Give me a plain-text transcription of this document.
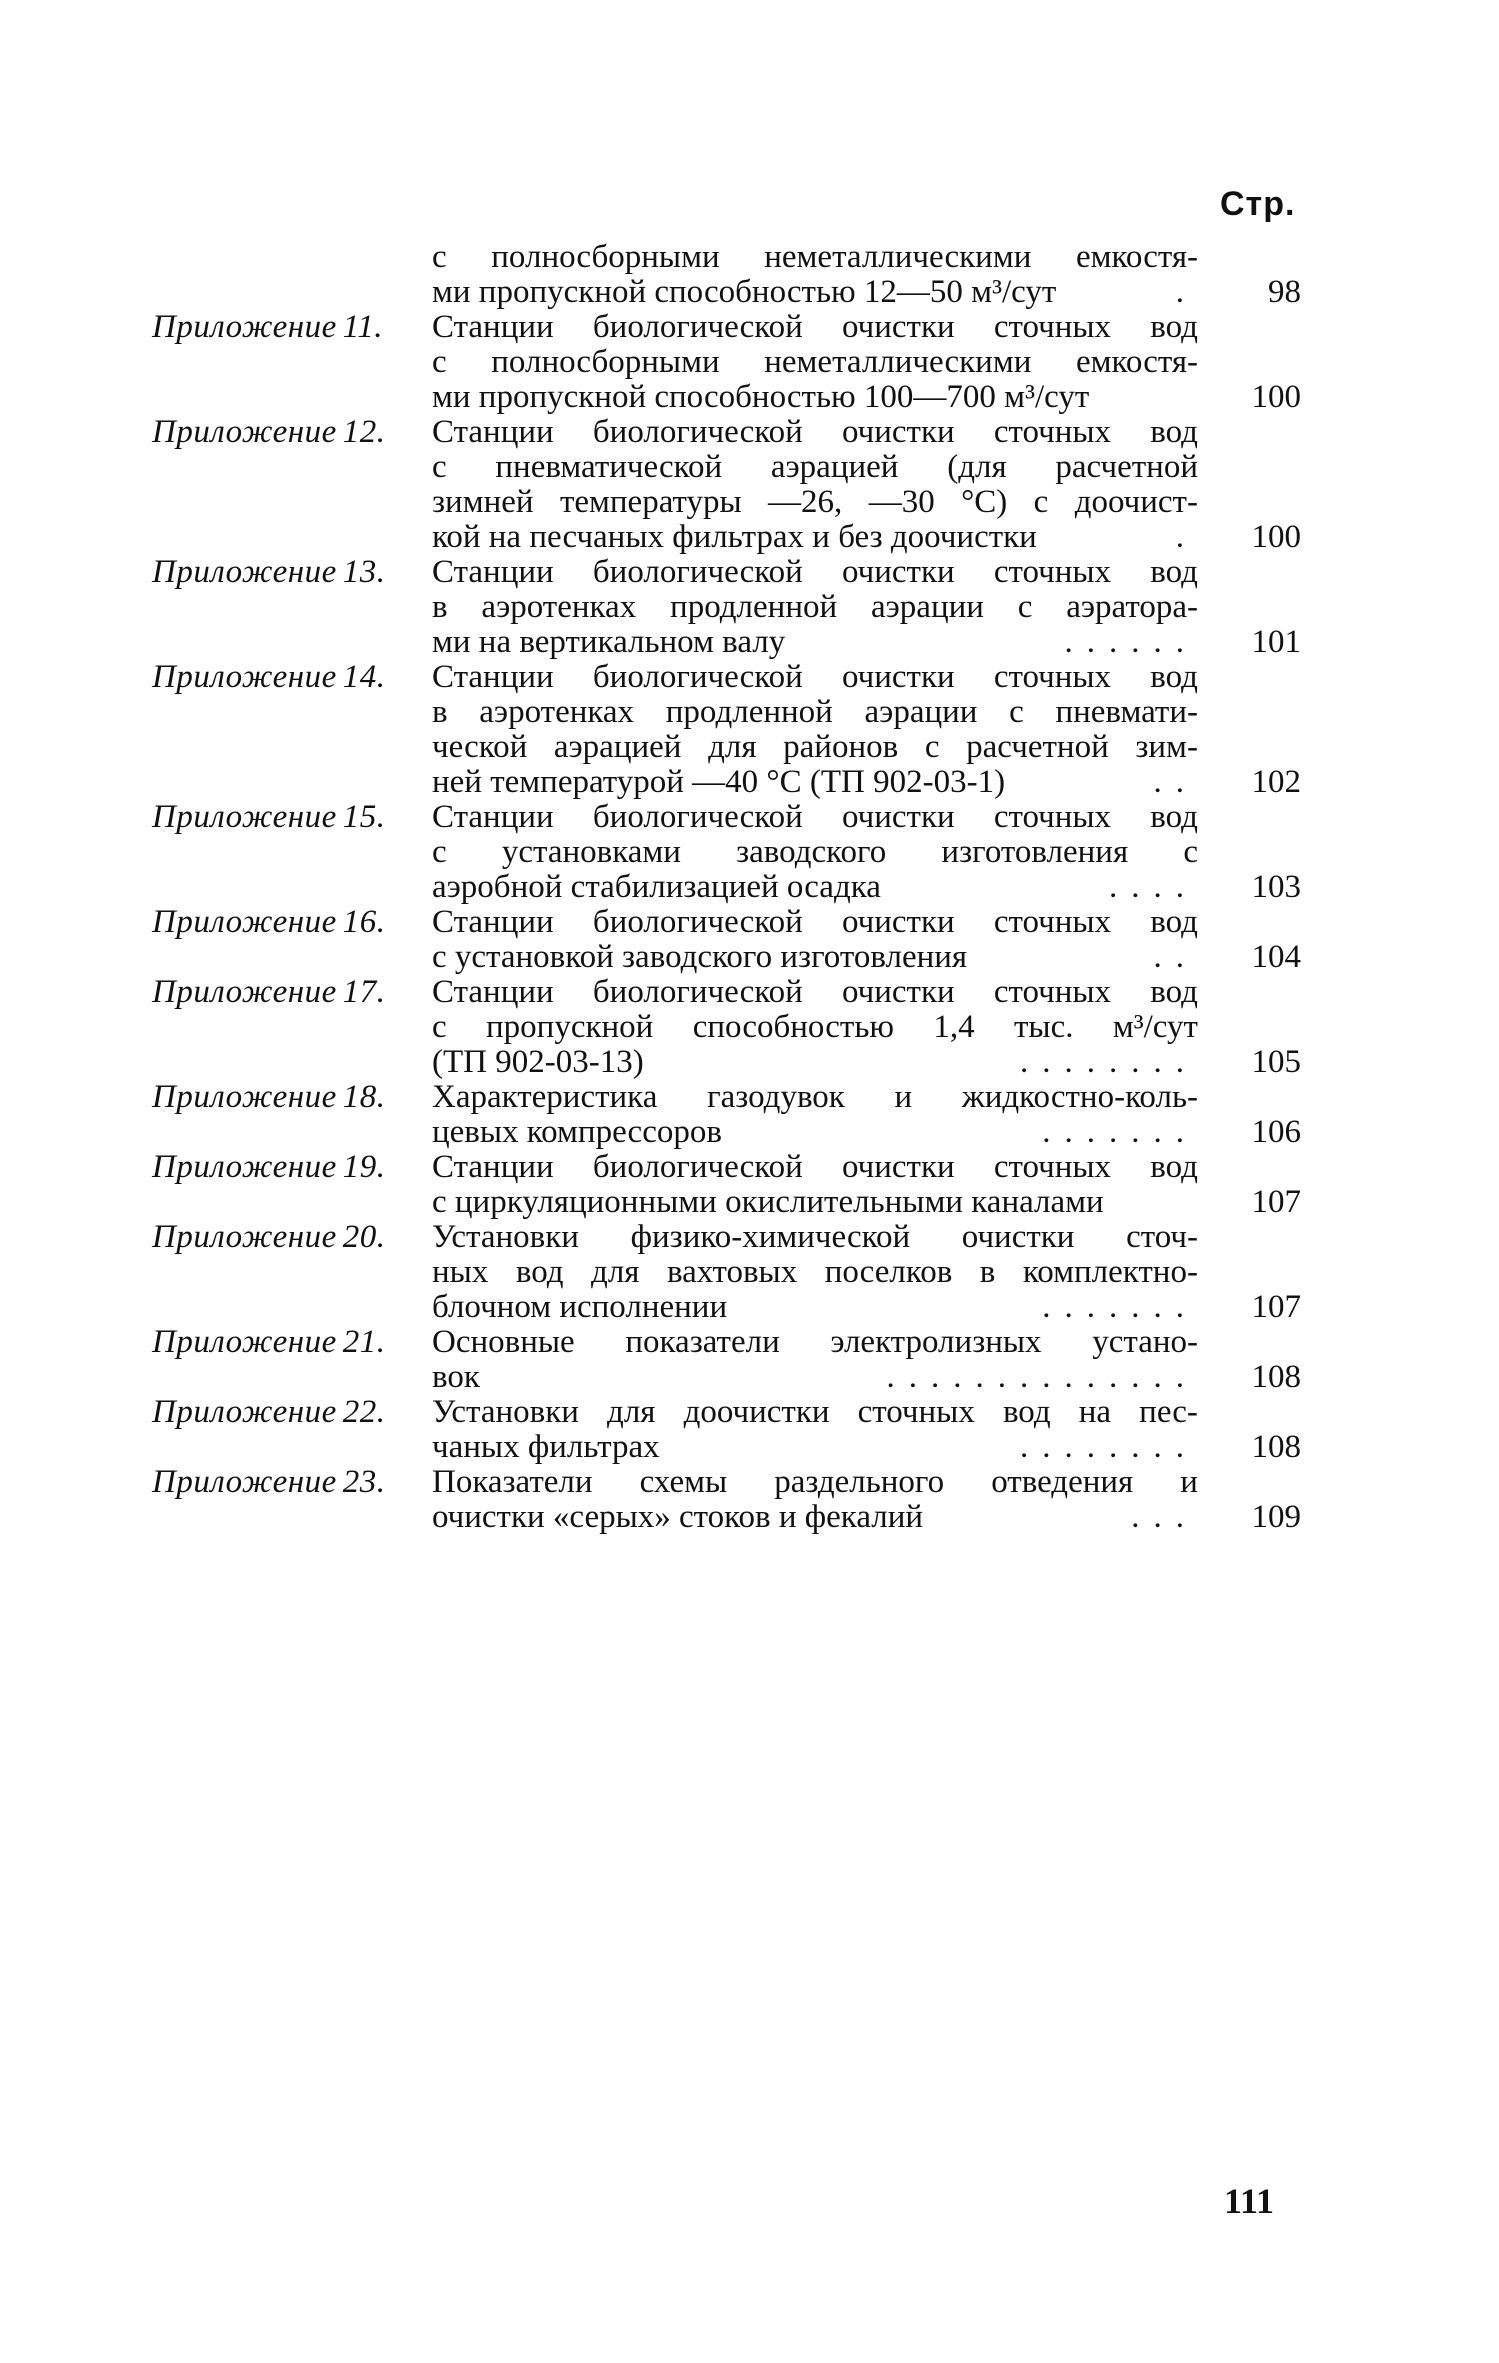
Стр.
с полносборными неметаллическими емкостя-
ми пропускной способностью 12—50 м³/сут	.	98
Приложение 11.	Станции биологической очистки сточных вод
с полносборными неметаллическими емкостя-
ми пропускной способностью 100—700 м³/сут	100
Приложение 12.	Станции биологической очистки сточных вод
с пневматической аэрацией (для расчетной
зимней температуры —26, —30 °С) с доочист-
кой на песчаных фильтрах и без доочистки	.	100
Приложение 13.	Станции биологической очистки сточных вод
в аэротенках продленной аэрации с аэратора-
ми на вертикальном валу	......	101
Приложение 14.	Станции биологической очистки сточных вод
в аэротенках продленной аэрации с пневмати-
ческой аэрацией для районов с расчетной зим-
ней температурой —40 °С (ТП 902-03-1)	..	102
Приложение 15.	Станции биологической очистки сточных вод
с установками заводского изготовления с
аэробной стабилизацией осадка	....	103
Приложение 16.	Станции биологической очистки сточных вод
с установкой заводского изготовления	..	104
Приложение 17.	Станции биологической очистки сточных вод
с пропускной способностью 1,4 тыс. м³/сут
(ТП 902-03-13)	........	105
Приложение 18.	Характеристика газодувок и жидкостно-коль-
цевых компрессоров	.......	106
Приложение 19.	Станции биологической очистки сточных вод
с циркуляционными окислительными каналами	107
Приложение 20.	Установки физико-химической очистки сточ-
ных вод для вахтовых поселков в комплектно-
блочном исполнении	.......	107
Приложение 21.	Основные показатели электролизных устано-
вок	..............	108
Приложение 22.	Установки для доочистки сточных вод на пес-
чаных фильтрах	........	108
Приложение 23.	Показатели схемы раздельного отведения и
очистки «серых» стоков и фекалий	...	109
111
